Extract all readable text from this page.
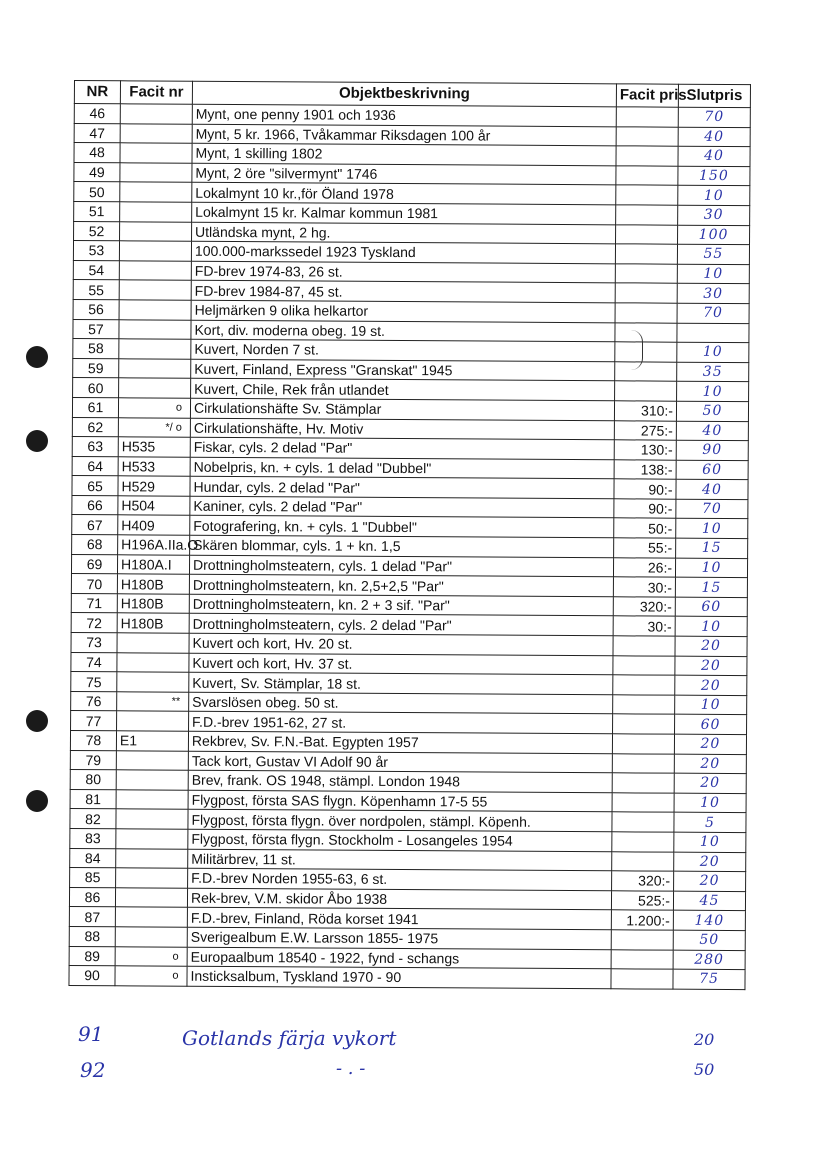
NR	Facit nr	Objektbeskrivning	Facit pris	Slutpris
46		Mynt, one penny 1901 och 1936		70
47		Mynt, 5 kr. 1966, Tvåkammar Riksdagen 100 år		40
48		Mynt, 1 skilling 1802		40
49		Mynt, 2 öre "silvermynt" 1746		150
50		Lokalmynt 10 kr.,för Öland 1978		10
51		Lokalmynt 15 kr. Kalmar kommun 1981		30
52		Utländska mynt, 2 hg.		100
53		100.000-markssedel 1923 Tyskland		55
54		FD-brev 1974-83, 26 st.		10
55		FD-brev 1984-87, 45 st.		30
56		Heljmärken 9 olika helkartor		70
57		Kort, div. moderna obeg. 19 st.		
58		Kuvert, Norden 7 st.		10
59		Kuvert, Finland, Express "Granskat" 1945		35
60		Kuvert, Chile, Rek från utlandet		10
61	o	Cirkulationshäfte Sv. Stämplar	310:-	50
62	*/ o	Cirkulationshäfte, Hv. Motiv	275:-	40
63	H535	Fiskar, cyls. 2 delad "Par"	130:-	90
64	H533	Nobelpris, kn. + cyls. 1 delad "Dubbel"	138:-	60
65	H529	Hundar, cyls. 2 delad "Par"	90:-	40
66	H504	Kaniner, cyls. 2 delad "Par"	90:-	70
67	H409	Fotografering, kn. + cyls. 1 "Dubbel"	50:-	10
68	H196A.IIa.O	Skären blommar, cyls. 1 + kn. 1,5	55:-	15
69	H180A.I	Drottningholmsteatern, cyls. 1 delad "Par"	26:-	10
70	H180B	Drottningholmsteatern, kn. 2,5+2,5 "Par"	30:-	15
71	H180B	Drottningholmsteatern, kn. 2 + 3 sif. "Par"	320:-	60
72	H180B	Drottningholmsteatern, cyls. 2 delad "Par"	30:-	10
73		Kuvert och kort, Hv. 20 st.		20
74		Kuvert och kort, Hv. 37 st.		20
75		Kuvert, Sv. Stämplar, 18 st.		20
76	**	Svarslösen obeg. 50 st.		10
77		F.D.-brev 1951-62, 27 st.		60
78	E1	Rekbrev, Sv. F.N.-Bat. Egypten 1957		20
79		Tack kort, Gustav VI Adolf 90 år		20
80		Brev, frank. OS 1948, stämpl. London 1948		20
81		Flygpost, första SAS flygn. Köpenhamn 17-5 55		10
82		Flygpost, första flygn. över nordpolen, stämpl. Köpenh.		5
83		Flygpost, första flygn. Stockholm - Losangeles 1954		10
84		Militärbrev, 11 st.		20
85		F.D.-brev Norden 1955-63, 6 st.	320:-	20
86		Rek-brev, V.M. skidor Åbo 1938	525:-	45
87		F.D.-brev, Finland, Röda korset 1941	1.200:-	140
88		Sverigealbum E.W. Larsson 1855- 1975		50
89	o	Europaalbum 18540 - 1922, fynd - schangs		280
90	o	Insticksalbum, Tyskland 1970 - 90		75
91	Gotlands färja vykort	20
92	- . -	50
